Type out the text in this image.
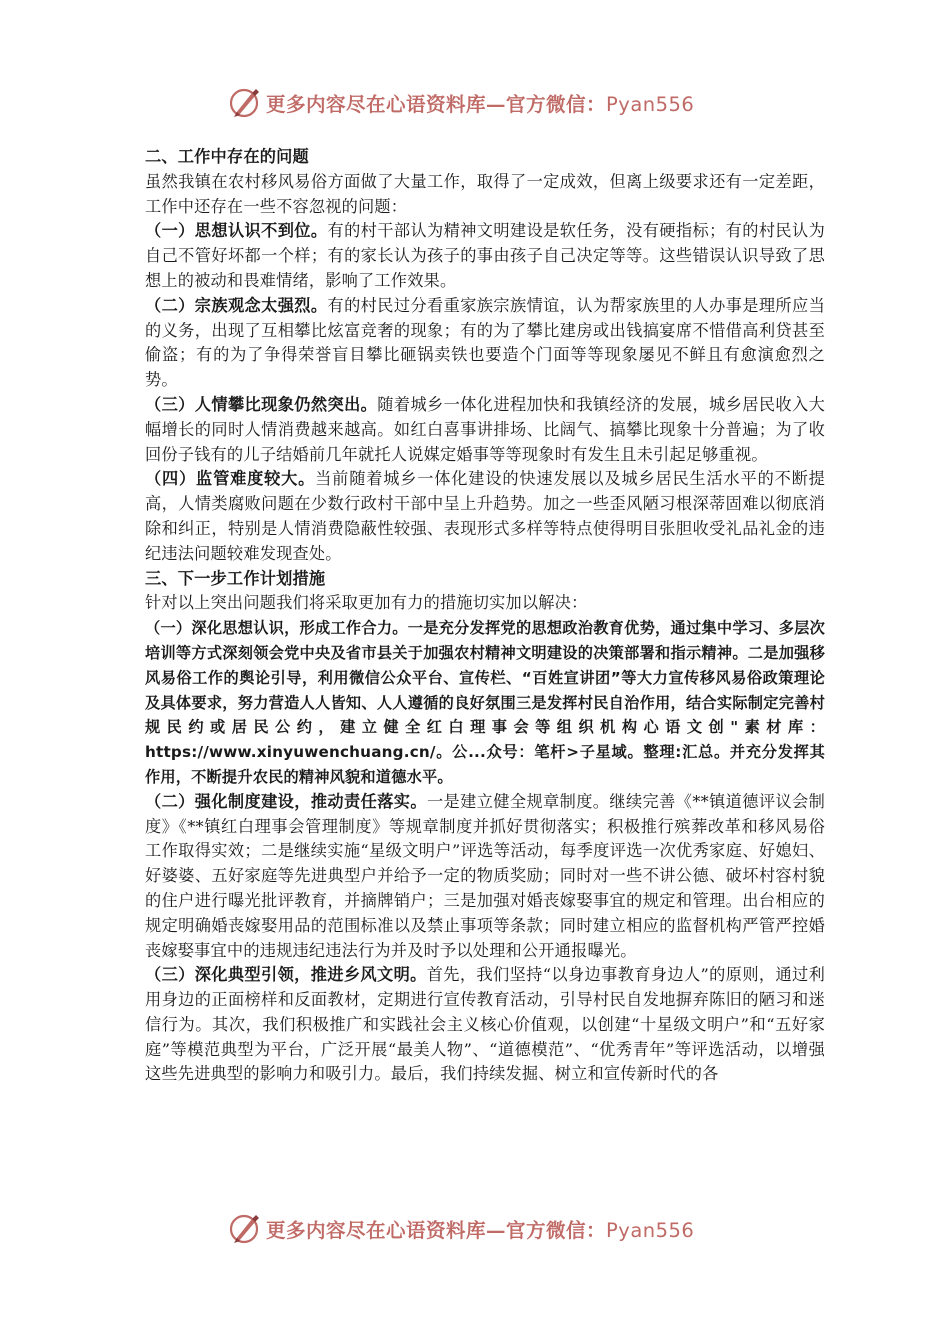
更多内容尽在心语资料库—官方微信：Pyan556

二、工作中存在的问题

虽然我镇在农村移风易俗方面做了大量工作，取得了一定成效，但离上级要求还有一定差距，工作中还存在一些不容忽视的问题：

（一）思想认识不到位。有的村干部认为精神文明建设是软任务，没有硬指标；有的村民认为自己不管好坏都一个样；有的家长认为孩子的事由孩子自己决定等等。这些错误认识导致了思想上的被动和畏难情绪，影响了工作效果。

（二）宗族观念太强烈。有的村民过分看重家族宗族情谊，认为帮家族里的人办事是理所应当的义务，出现了互相攀比炫富竞奢的现象；有的为了攀比建房或出钱搞宴席不惜借高利贷甚至偷盗；有的为了争得荣誉盲目攀比砸锅卖铁也要造个门面等等现象屡见不鲜且有愈演愈烈之势。

（三）人情攀比现象仍然突出。随着城乡一体化进程加快和我镇经济的发展，城乡居民收入大幅增长的同时人情消费越来越高。如红白喜事讲排场、比阔气、搞攀比现象十分普遍；为了收回份子钱有的儿子结婚前几年就托人说媒定婚事等等现象时有发生且未引起足够重视。

（四）监管难度较大。当前随着城乡一体化建设的快速发展以及城乡居民生活水平的不断提高，人情类腐败问题在少数行政村干部中呈上升趋势。加之一些歪风陋习根深蒂固难以彻底消除和纠正，特别是人情消费隐蔽性较强、表现形式多样等特点使得明目张胆收受礼品礼金的违纪违法问题较难发现查处。

三、下一步工作计划措施

针对以上突出问题我们将采取更加有力的措施切实加以解决：

（一）深化思想认识，形成工作合力。一是充分发挥党的思想政治教育优势，通过集中学习、多层次培训等方式深刻领会党中央及省市县关于加强农村精神文明建设的决策部署和指示精神。二是加强移风易俗工作的舆论引导，利用微信公众平台、宣传栏、“百姓宣讲团”等大力宣传移风易俗政策理论及具体要求，努力营造人人皆知、人人遵循的良好氛围三是发挥村民自治作用，结合实际制定完善村规民约或居民公约，建立健全红白理事会等组织机构心语文创"素材库：https://www.xinyuwenchuang.cn/。公...众号：笔杆>子星域。整理:汇总。并充分发挥其作用，不断提升农民的精神风貌和道德水平。

（二）强化制度建设，推动责任落实。一是建立健全规章制度。继续完善《**镇道德评议会制度》《**镇红白理事会管理制度》等规章制度并抓好贯彻落实；积极推行殡葬改革和移风易俗工作取得实效；二是继续实施“星级文明户”评选等活动，每季度评选一次优秀家庭、好媳妇、好婆婆、五好家庭等先进典型户并给予一定的物质奖励；同时对一些不讲公德、破坏村容村貌的住户进行曝光批评教育，并摘牌销户；三是加强对婚丧嫁娶事宜的规定和管理。出台相应的规定明确婚丧嫁娶用品的范围标准以及禁止事项等条款；同时建立相应的监督机构严管严控婚丧嫁娶事宜中的违规违纪违法行为并及时予以处理和公开通报曝光。

（三）深化典型引领，推进乡风文明。首先，我们坚持“以身边事教育身边人”的原则，通过利用身边的正面榜样和反面教材，定期进行宣传教育活动，引导村民自发地摒弃陈旧的陋习和迷信行为。其次，我们积极推广和实践社会主义核心价值观，以创建“十星级文明户”和“五好家庭”等模范典型为平台，广泛开展“最美人物”、“道德模范”、“优秀青年”等评选活动，以增强这些先进典型的影响力和吸引力。最后，我们持续发掘、树立和宣传新时代的各

更多内容尽在心语资料库—官方微信：Pyan556
